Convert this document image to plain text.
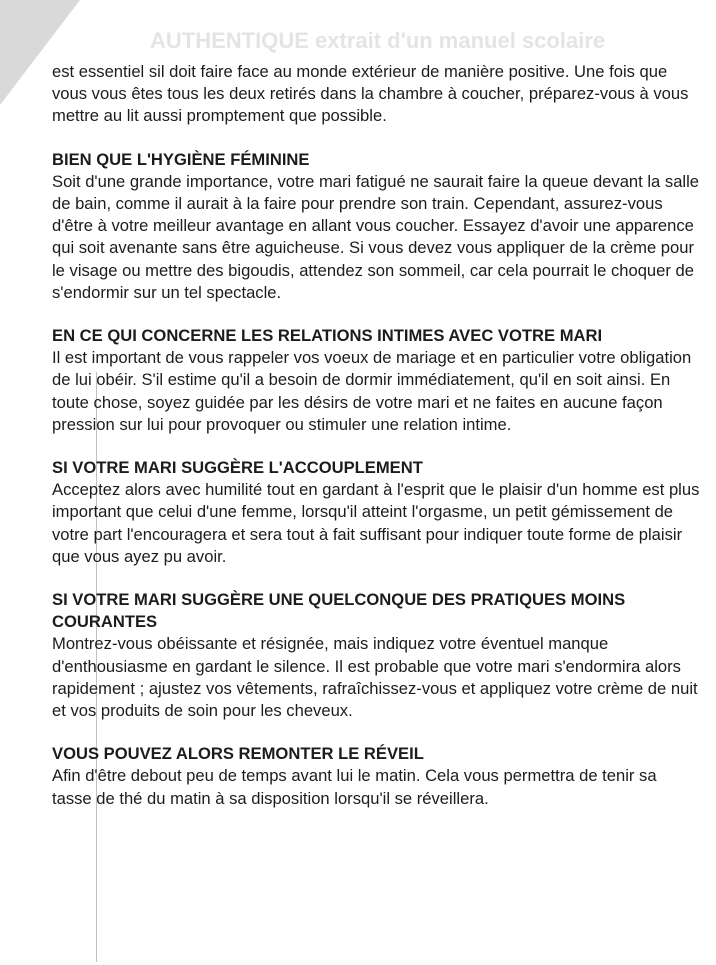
AUTHENTIQUE extrait d'un manuel scolaire

est essentiel sil doit faire face au monde extérieur de manière positive. Une fois que vous vous êtes tous les deux retirés dans la chambre à coucher, préparez-vous à vous mettre au lit aussi promptement que possible.

BIEN QUE L'HYGIÈNE FÉMININE

Soit d'une grande importance, votre mari fatigué ne saurait faire la queue devant la salle de bain, comme il aurait à la faire pour prendre son train. Cependant, assurez-vous d'être à votre meilleur avantage en allant vous coucher. Essayez d'avoir une apparence qui soit avenante sans être aguicheuse. Si vous devez vous appliquer de la crème pour le visage ou mettre des bigoudis, attendez son sommeil, car cela pourrait le choquer de s'endormir sur un tel spectacle.

EN CE QUI CONCERNE LES RELATIONS INTIMES AVEC VOTRE MARI

Il est important de vous rappeler vos voeux de mariage et en particulier votre obligation de lui obéir. S'il estime qu'il a besoin de dormir immédiatement, qu'il en soit ainsi. En toute chose, soyez guidée par les désirs de votre mari et ne faites en aucune façon pression sur lui pour provoquer ou stimuler une relation intime.

SI VOTRE MARI SUGGÈRE L'ACCOUPLEMENT

Acceptez alors avec humilité tout en gardant à l'esprit que le plaisir d'un homme est plus important que celui d'une femme, lorsqu'il atteint l'orgasme, un petit gémissement de votre part l'encouragera et sera tout à fait suffisant pour indiquer toute forme de plaisir que vous ayez pu avoir.

SI VOTRE MARI SUGGÈRE UNE QUELCONQUE DES PRATIQUES MOINS COURANTES

Montrez-vous obéissante et résignée, mais indiquez votre éventuel manque d'enthousiasme en gardant le silence. Il est probable que votre mari s'endormira alors rapidement ; ajustez vos vêtements, rafraîchissez-vous et appliquez votre crème de nuit et vos produits de soin pour les cheveux.

VOUS POUVEZ ALORS REMONTER LE RÉVEIL

Afin d'être debout peu de temps avant lui le matin. Cela vous permettra de tenir sa tasse de thé du matin à sa disposition lorsqu'il se réveillera.
